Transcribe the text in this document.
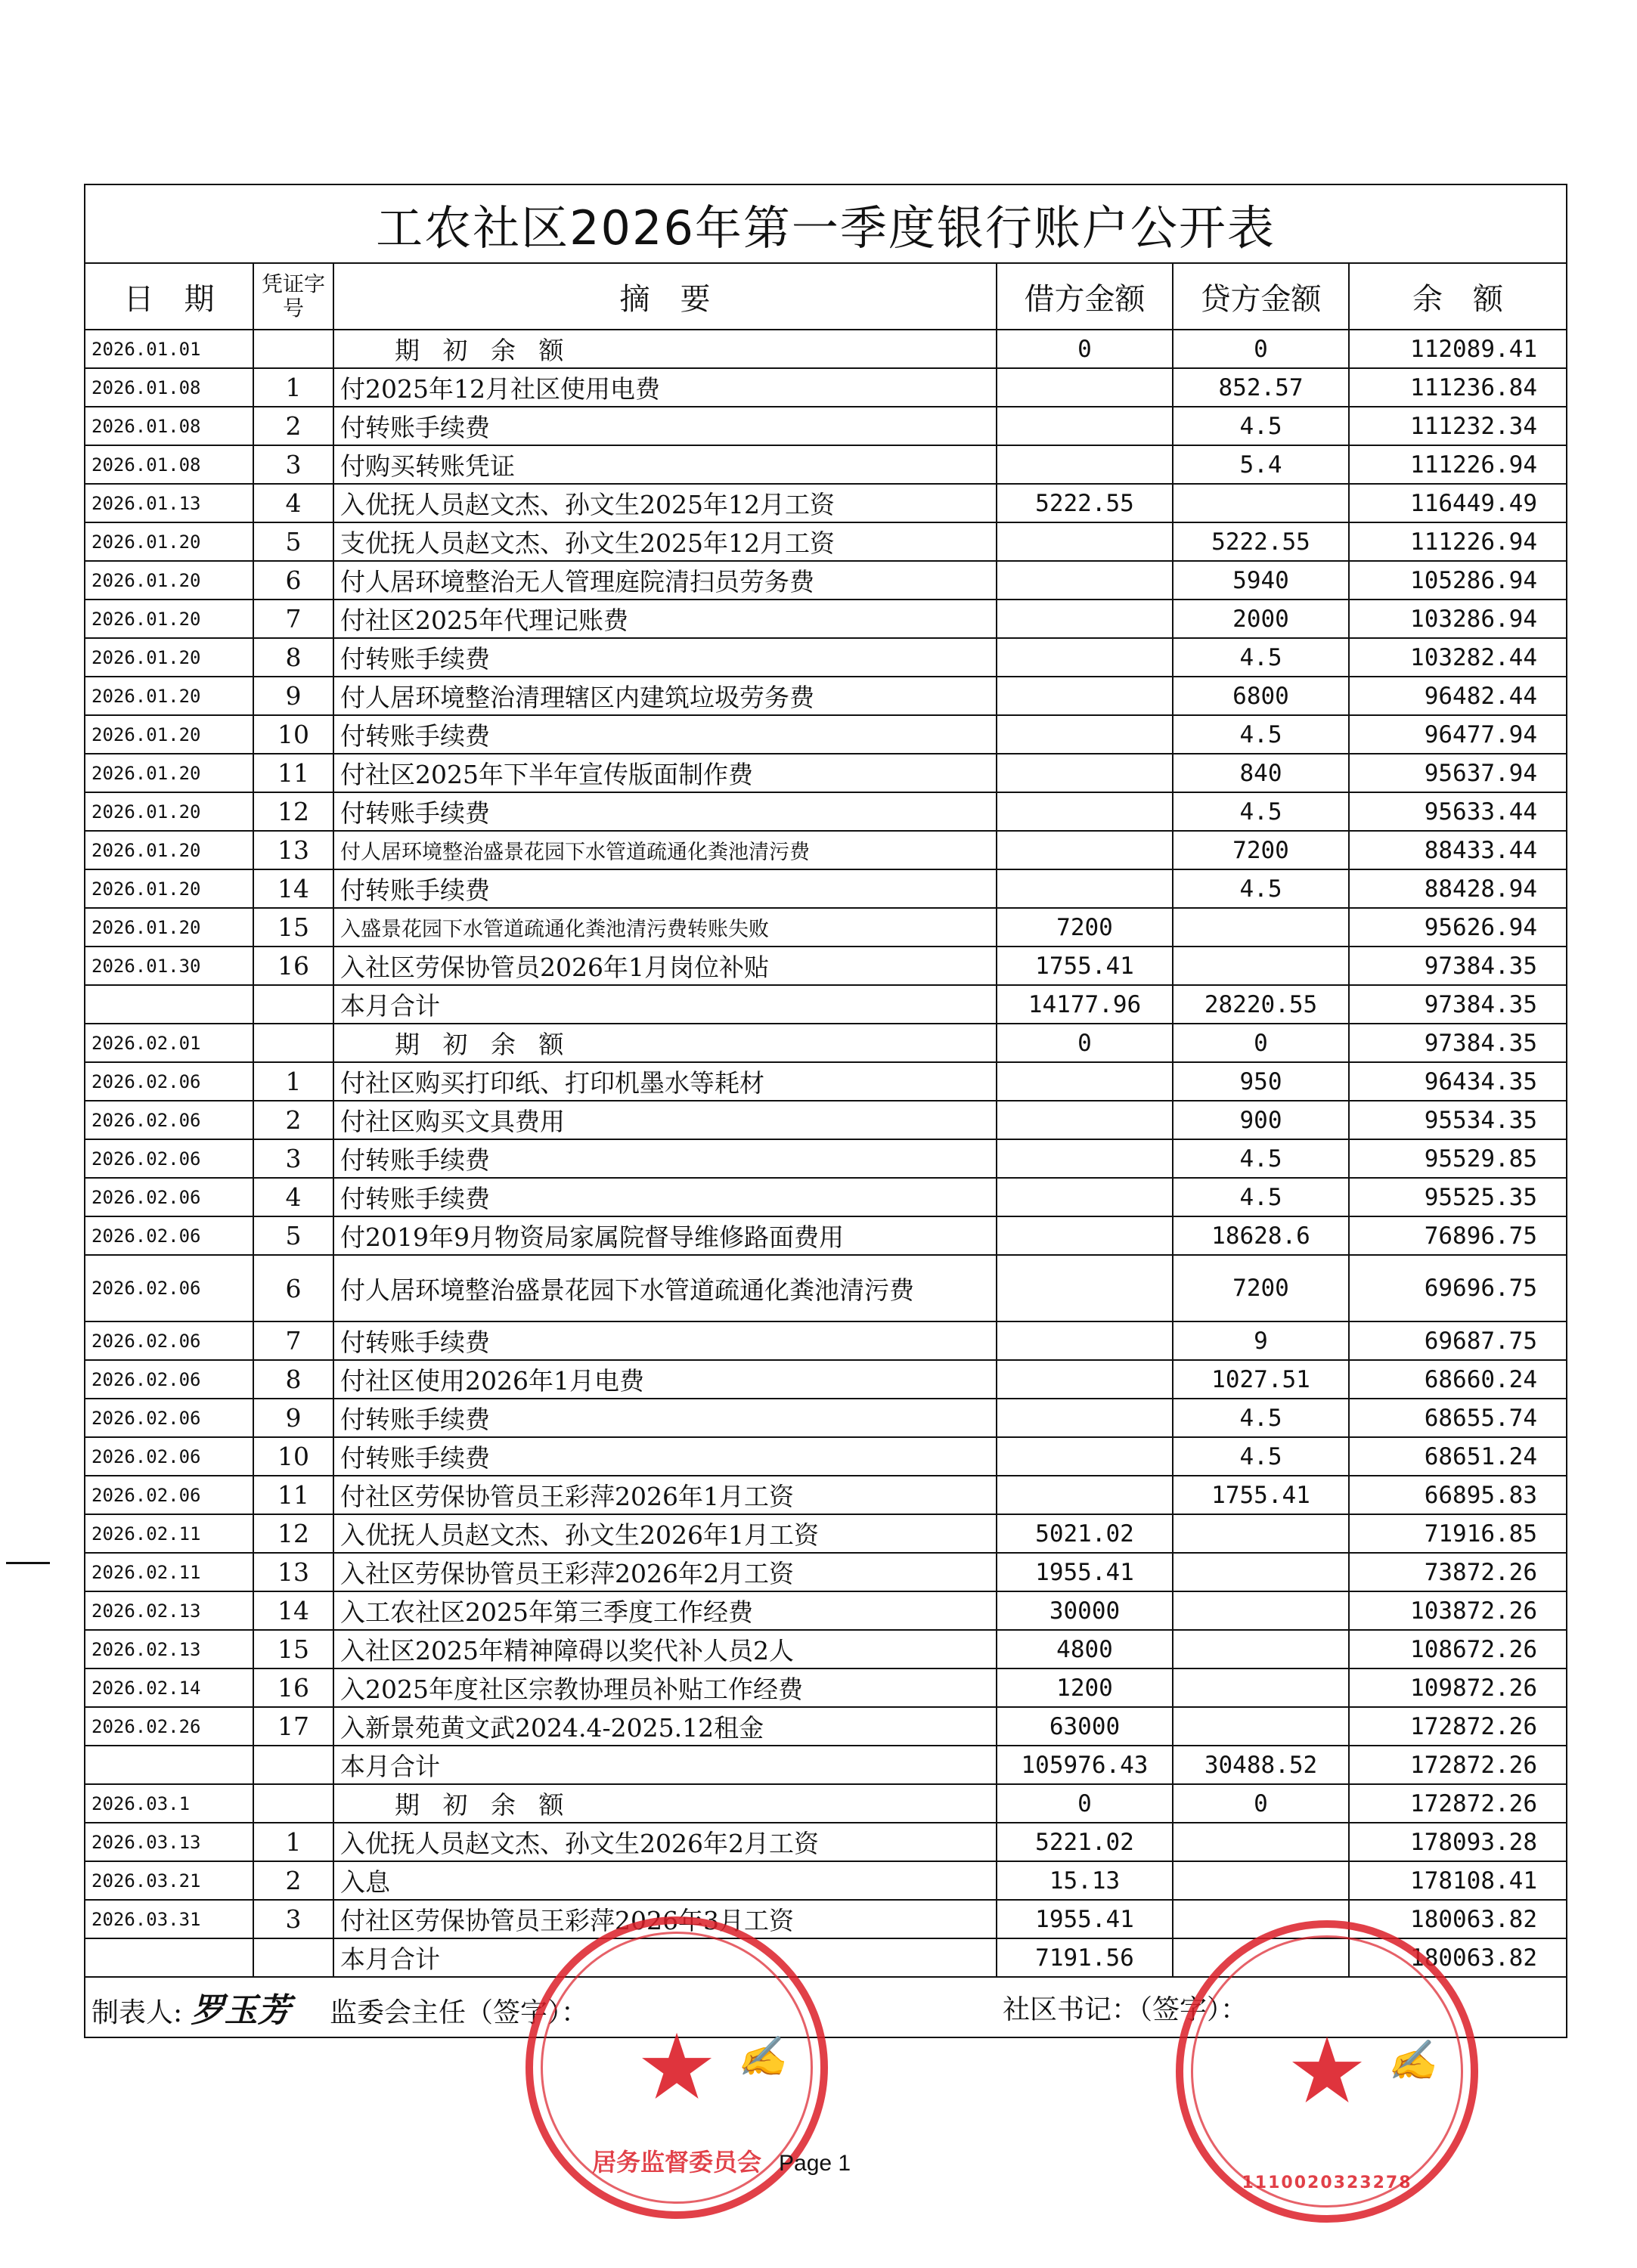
工农社区2026年第一季度银行账户公开表					
日　期	凭证字号	摘　要	借方金额	贷方金额	余　额
2026.01.01		期 初 余 额	0	0	112089.41
2026.01.08	1	付2025年12月社区使用电费		852.57	111236.84
2026.01.08	2	付转账手续费		4.5	111232.34
2026.01.08	3	付购买转账凭证		5.4	111226.94
2026.01.13	4	入优抚人员赵文杰、孙文生2025年12月工资	5222.55		116449.49
2026.01.20	5	支优抚人员赵文杰、孙文生2025年12月工资		5222.55	111226.94
2026.01.20	6	付人居环境整治无人管理庭院清扫员劳务费		5940	105286.94
2026.01.20	7	付社区2025年代理记账费		2000	103286.94
2026.01.20	8	付转账手续费		4.5	103282.44
2026.01.20	9	付人居环境整治清理辖区内建筑垃圾劳务费		6800	96482.44
2026.01.20	10	付转账手续费		4.5	96477.94
2026.01.20	11	付社区2025年下半年宣传版面制作费		840	95637.94
2026.01.20	12	付转账手续费		4.5	95633.44
2026.01.20	13	付人居环境整治盛景花园下水管道疏通化粪池清污费		7200	88433.44
2026.01.20	14	付转账手续费		4.5	88428.94
2026.01.20	15	入盛景花园下水管道疏通化粪池清污费转账失败	7200		95626.94
2026.01.30	16	入社区劳保协管员2026年1月岗位补贴	1755.41		97384.35
		本月合计	14177.96	28220.55	97384.35
2026.02.01		期 初 余 额	0	0	97384.35
2026.02.06	1	付社区购买打印纸、打印机墨水等耗材		950	96434.35
2026.02.06	2	付社区购买文具费用		900	95534.35
2026.02.06	3	付转账手续费		4.5	95529.85
2026.02.06	4	付转账手续费		4.5	95525.35
2026.02.06	5	付2019年9月物资局家属院督导维修路面费用		18628.6	76896.75
2026.02.06	6	付人居环境整治盛景花园下水管道疏通化粪池清污费		7200	69696.75
2026.02.06	7	付转账手续费		9	69687.75
2026.02.06	8	付社区使用2026年1月电费		1027.51	68660.24
2026.02.06	9	付转账手续费		4.5	68655.74
2026.02.06	10	付转账手续费		4.5	68651.24
2026.02.06	11	付社区劳保协管员王彩萍2026年1月工资		1755.41	66895.83
2026.02.11	12	入优抚人员赵文杰、孙文生2026年1月工资	5021.02		71916.85
2026.02.11	13	入社区劳保协管员王彩萍2026年2月工资	1955.41		73872.26
2026.02.13	14	入工农社区2025年第三季度工作经费	30000		103872.26
2026.02.13	15	入社区2025年精神障碍以奖代补人员2人	4800		108672.26
2026.02.14	16	入2025年度社区宗教协理员补贴工作经费	1200		109872.26
2026.02.26	17	入新景苑黄文武2024.4-2025.12租金	63000		172872.26
		本月合计	105976.43	30488.52	172872.26
2026.03.1		期 初 余 额	0	0	172872.26
2026.03.13	1	入优抚人员赵文杰、孙文生2026年2月工资	5221.02		178093.28
2026.03.21	2	入息	15.13		178108.41
2026.03.31	3	付社区劳保协管员王彩萍2026年3月工资	1955.41		180063.82
		本月合计	7191.56		180063.82
制表人: 罗玉芳 监委会主任（签字）：			社区书记：（签字）：		
★
居务监督委员会
★
1110020323278
✍	✍
Page 1
